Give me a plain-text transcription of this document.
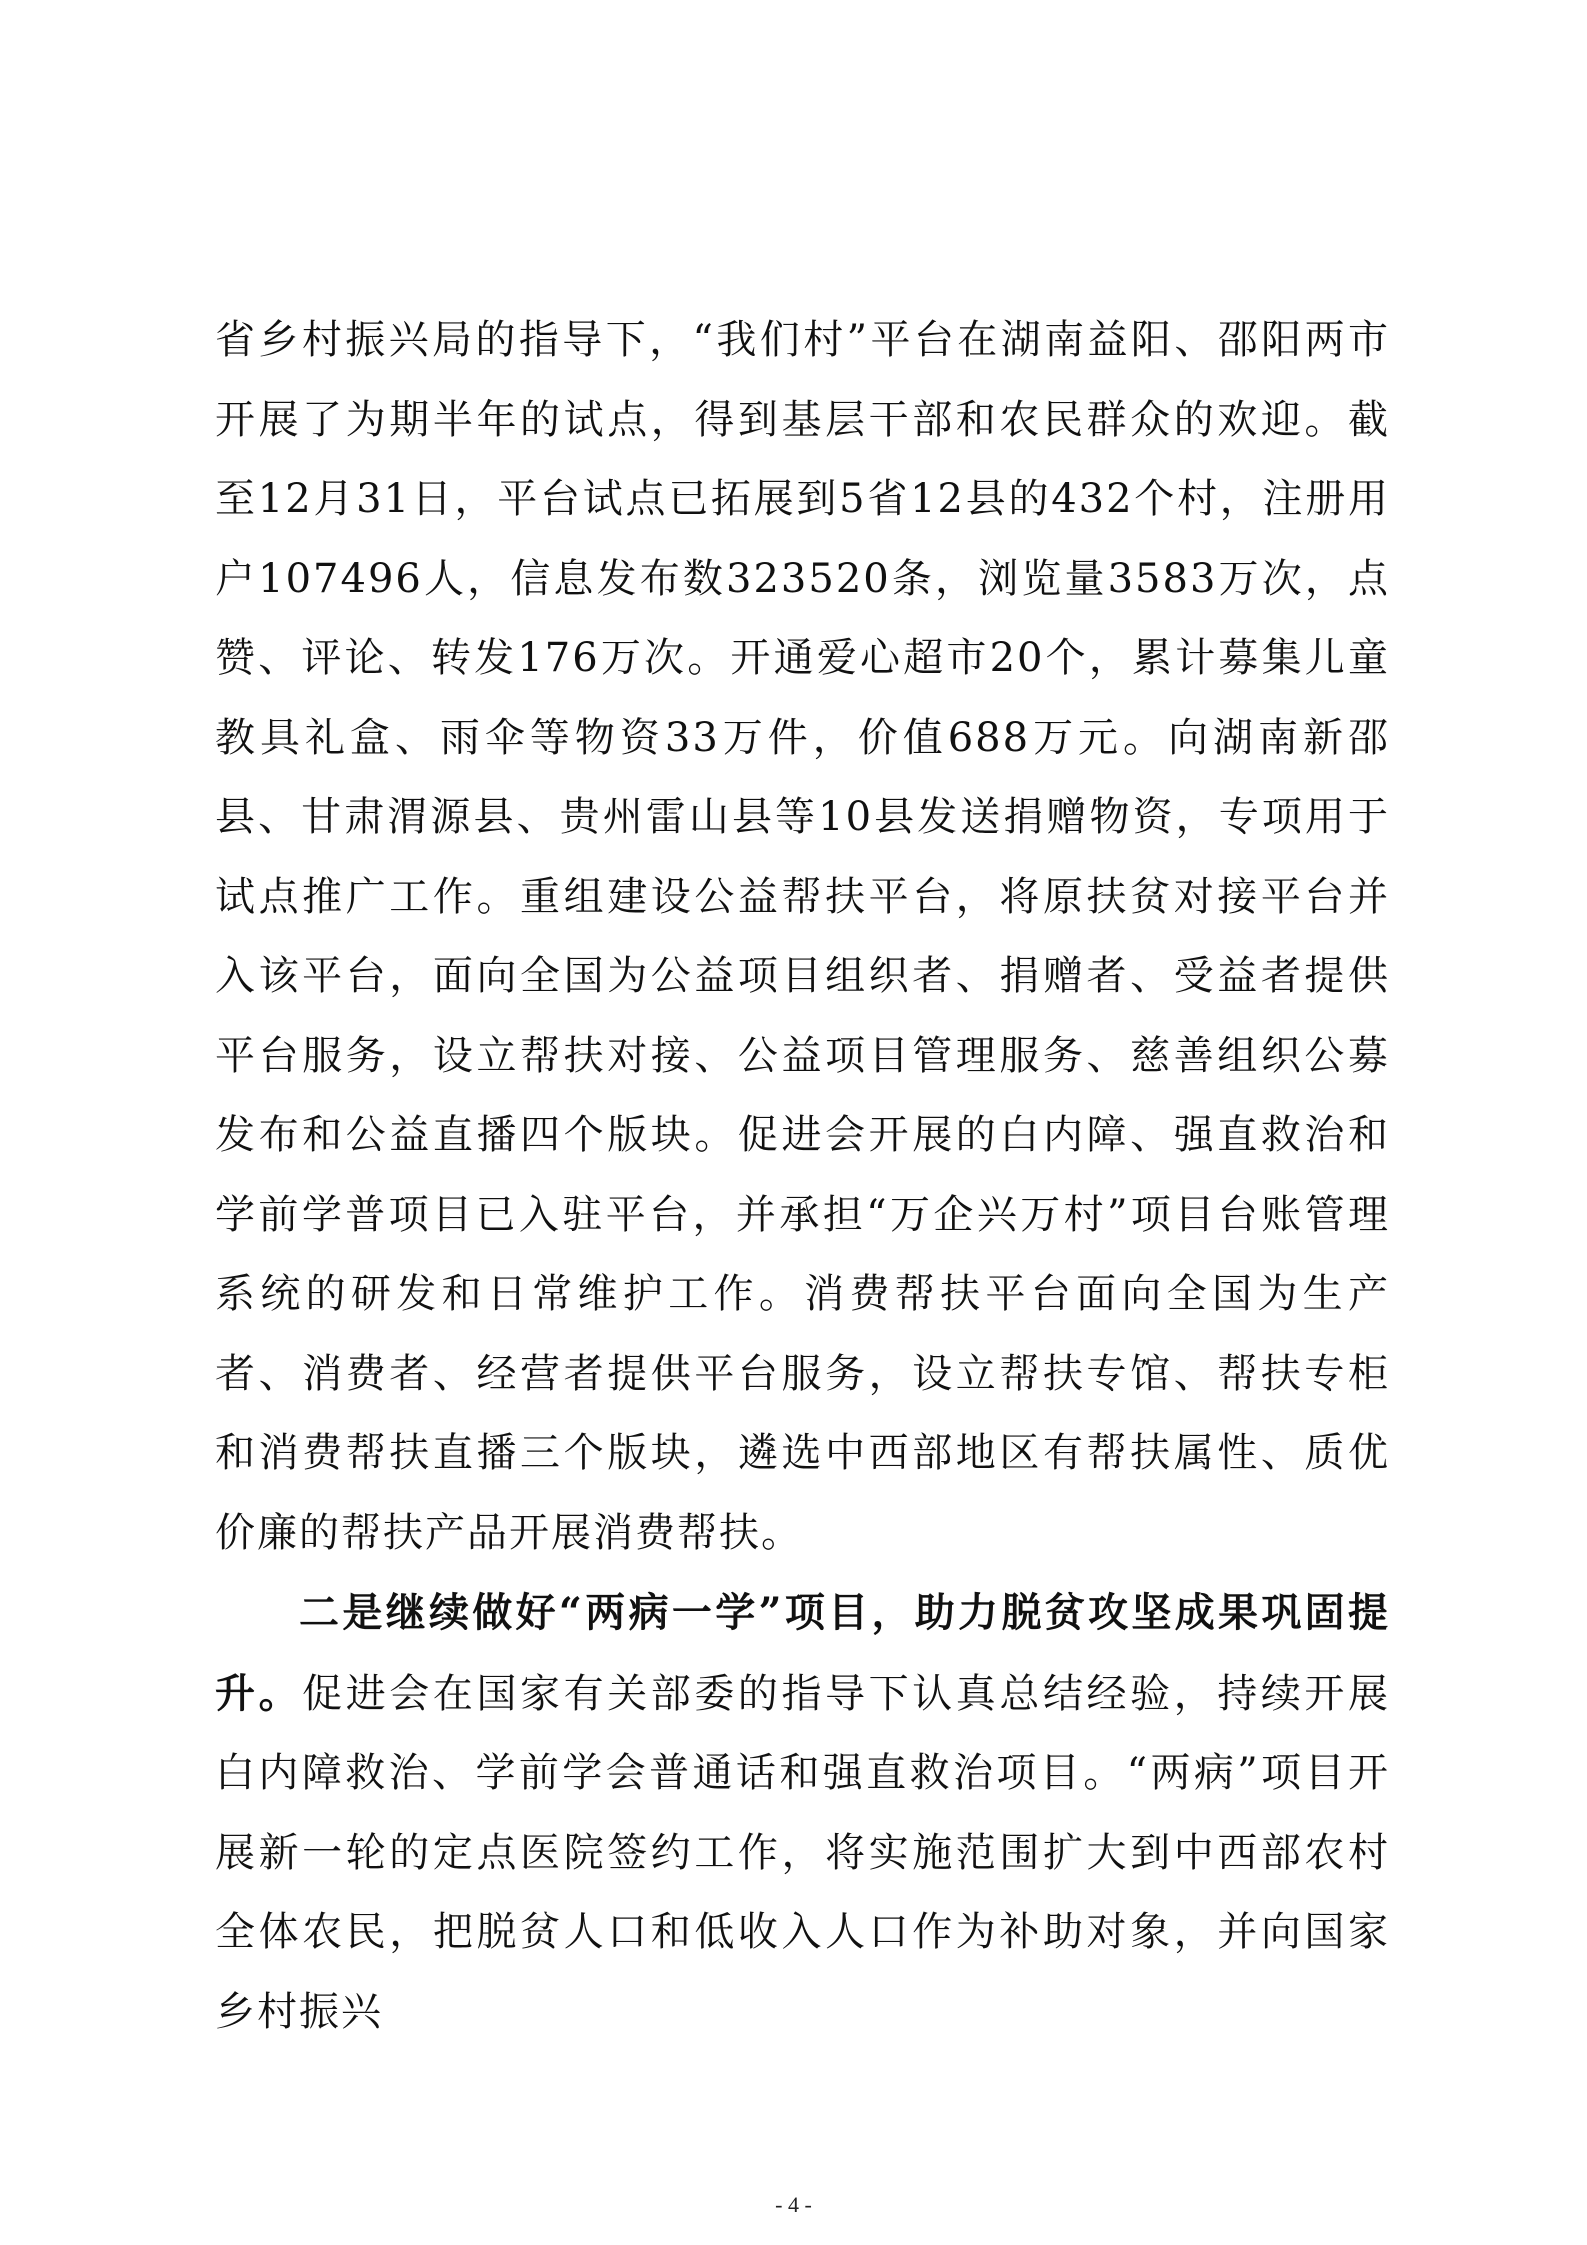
省乡村振兴局的指导下，“我们村”平台在湖南益阳、邵阳两市开展了为期半年的试点，得到基层干部和农民群众的欢迎。截至12月31日，平台试点已拓展到5省12县的432个村，注册用户107496人，信息发布数323520条，浏览量3583万次，点赞、评论、转发176万次。开通爱心超市20个，累计募集儿童教具礼盒、雨伞等物资33万件，价值688万元。向湖南新邵县、甘肃渭源县、贵州雷山县等10县发送捐赠物资，专项用于试点推广工作。重组建设公益帮扶平台，将原扶贫对接平台并入该平台，面向全国为公益项目组织者、捐赠者、受益者提供平台服务，设立帮扶对接、公益项目管理服务、慈善组织公募发布和公益直播四个版块。促进会开展的白内障、强直救治和学前学普项目已入驻平台，并承担“万企兴万村”项目台账管理系统的研发和日常维护工作。消费帮扶平台面向全国为生产者、消费者、经营者提供平台服务，设立帮扶专馆、帮扶专柜和消费帮扶直播三个版块，遴选中西部地区有帮扶属性、质优价廉的帮扶产品开展消费帮扶。

二是继续做好“两病一学”项目，助力脱贫攻坚成果巩固提升。促进会在国家有关部委的指导下认真总结经验，持续开展白内障救治、学前学会普通话和强直救治项目。“两病”项目开展新一轮的定点医院签约工作，将实施范围扩大到中西部农村全体农民，把脱贫人口和低收入人口作为补助对象，并向国家乡村振兴

- 4 -
